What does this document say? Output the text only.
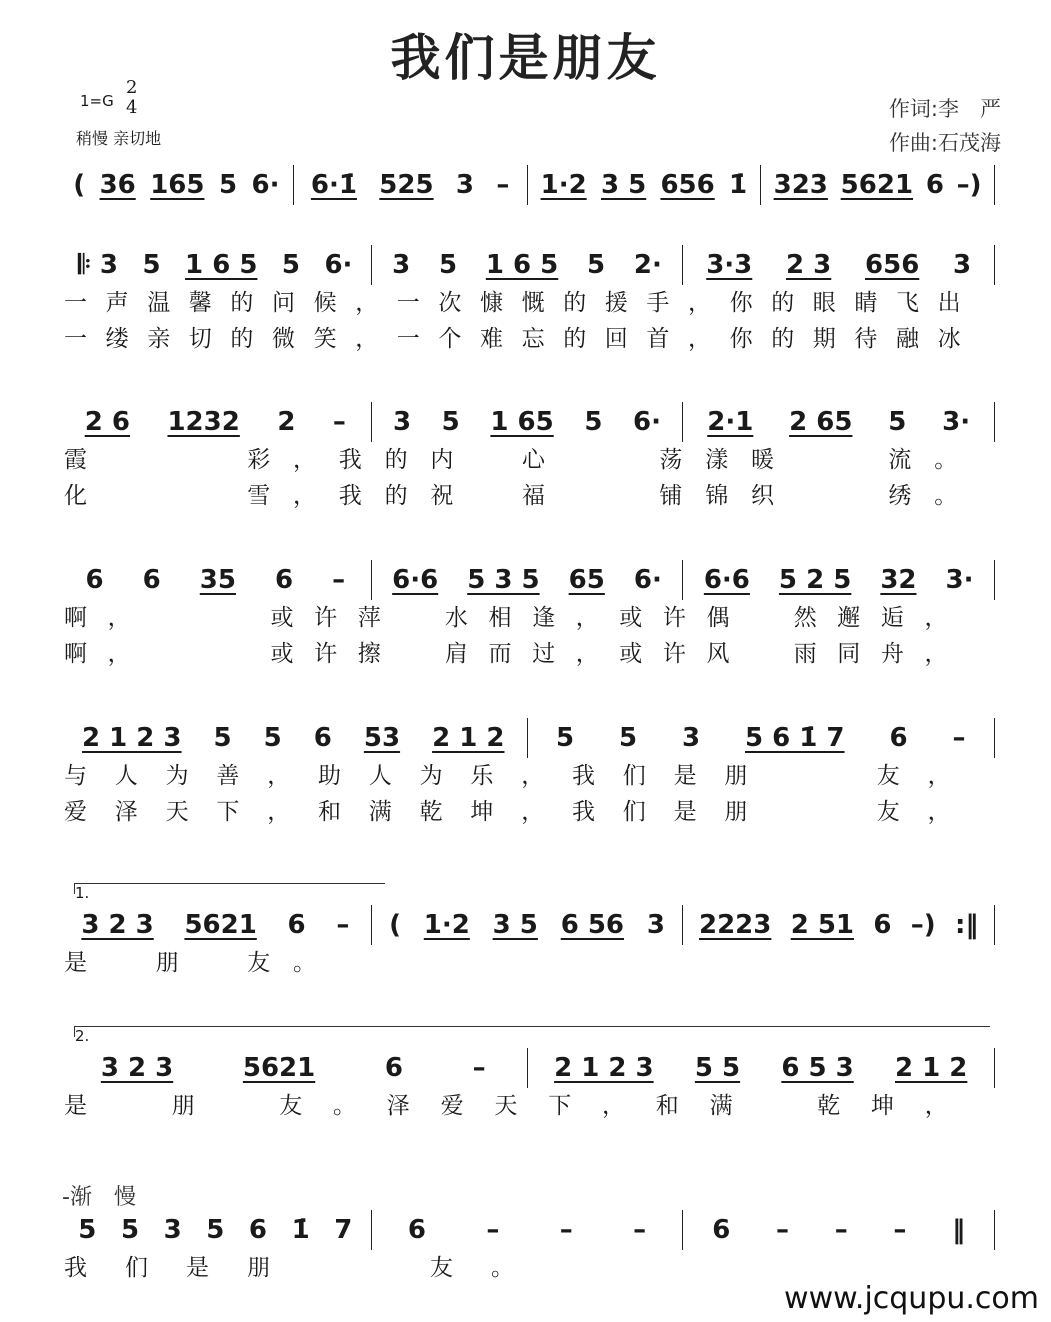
我们是朋友
1=G
2
4
稍慢 亲切地
作词:李　严
作曲:石茂海
( 36 165 5 6· 6·1̇ 525 3 – 1·2 3 5 656 1̇ 323 5621 6 –)
𝄆 3 5 1 6 5 5 6· 3 5 1 6 5 5 2· 3·3 2 3 656 3
一声温馨的问候，一次慷慨的援手，你的眼睛飞出
一缕亲切的微笑，一个难忘的回首，你的期待融冰
2 6 1232 2 – 3 5 1 65 5 6· 2·1 2 65 5 3·
霞　　　彩，我的内　心　　荡漾暖　　流。
化　　　雪，我的祝　福　　铺锦织　　绣。
6 6 35 6 – 6·6 5 3 5 65 6· 6·6 5 2 5 32 3·
啊，　　　或许萍　水相逢，或许偶　然邂逅，
啊，　　　或许擦　肩而过，或许风　雨同舟，
2 1 2 3 5 5 6 53 2 1 2 5 5 3 5 6 1̇ 7 6 –
与人为善，助人为乐，我们是朋　　友，
爱泽天下，和满乾坤，我们是朋　　友，
1.
3 2 3 5621 6 – ( 1·2 3 5 6 56 3 2223 2 51 6 –) :‖
是　朋　友。　　　　　　　　　　　　　　
2.
3 2 3	5621	6	–	2 1 2 3 5 5 6 5 3 2 1 2
是　朋　友。泽爱天下，和满　乾坤，
-渐　慢
5 5 3 5 6 1̇ 7 6 – – –	6 – – – ‖
我们是朋　　友。　　　　　　　
www.jcqupu.com
